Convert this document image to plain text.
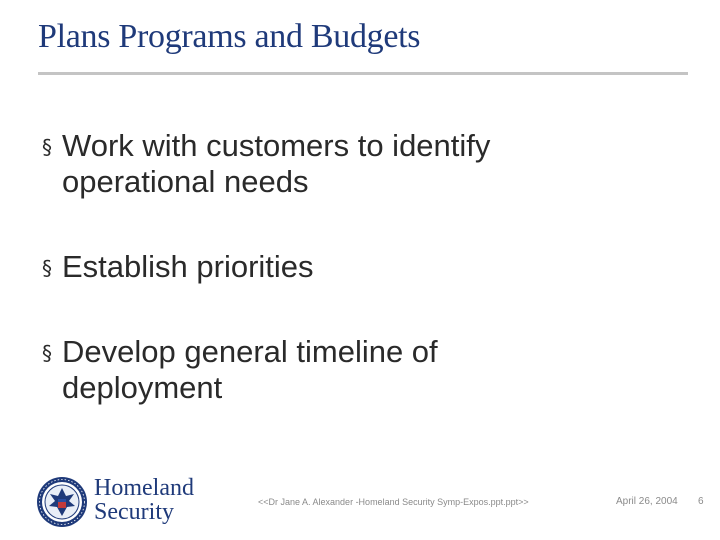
Plans Programs and Budgets
§ Work with customers to identify
operational needs
§ Establish priorities
§ Develop general timeline of
deployment
Homeland
Security	<<Dr Jane A. Alexander -Homeland Security Symp-Expos.ppt.ppt>>	April 26, 2004 6
